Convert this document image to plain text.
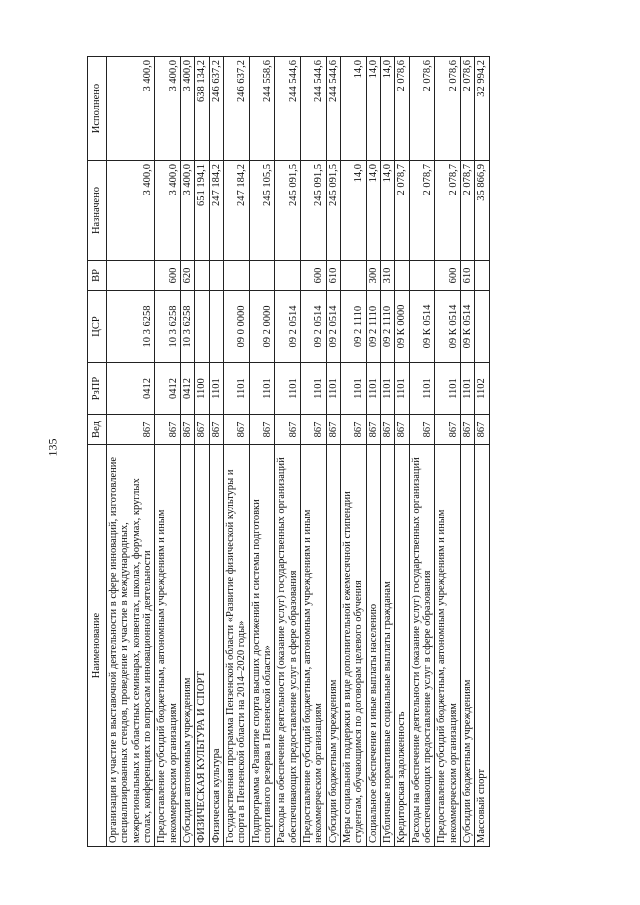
135
Наименование	Вед	РзПР	ЦСР	ВР	Назначено	Исполнено
Организация и участие в выставочной деятельности в сфере инноваций, изготовление специализированных стендов, проведение и участие в международных, межрегиональных и областных семинарах, конвентах, школах, форумах, круглых столах, конференциях по вопросам инновационной деятельности	867	0412	10 3 6258		3 400,0	3 400,0
Предоставление субсидий бюджетным, автономным учреждениям и иным некоммерческим организациям	867	0412	10 3 6258	600	3 400,0	3 400,0
Субсидии автономным учреждениям	867	0412	10 3 6258	620	3 400,0	3 400,0
ФИЗИЧЕСКАЯ КУЛЬТУРА И СПОРТ	867	1100			651 194,1	638 134,2
Физическая культура	867	1101			247 184,2	246 637,2
Государственная программа Пензенской области «Развитие физической культуры и спорта в Пензенской области на 2014–2020 годы»	867	1101	09 0 0000		247 184,2	246 637,2
Подпрограмма «Развитие спорта высших достижений и системы подготовки спортивного резерва в Пензенской области»	867	1101	09 2 0000		245 105,5	244 558,6
Расходы на обеспечение деятельности (оказание услуг) государственных организаций обеспечивающих предоставление услуг в сфере образования	867	1101	09 2 0514		245 091,5	244 544,6
Предоставление субсидий бюджетным, автономным учреждениям и иным некоммерческим организациям	867	1101	09 2 0514	600	245 091,5	244 544,6
Субсидии бюджетным учреждениям	867	1101	09 2 0514	610	245 091,5	244 544,6
Меры социальной поддержки в виде дополнительной ежемесячной стипендии студентам, обучающимся по договорам целевого обучения	867	1101	09 2 1110		14,0	14,0
Социальное обеспечение и иные выплаты населению	867	1101	09 2 1110	300	14,0	14,0
Публичные нормативные социальные выплаты гражданам	867	1101	09 2 1110	310	14,0	14,0
Кредиторская задолженность	867	1101	09 К 0000		2 078,7	2 078,6
Расходы на обеспечение деятельности (оказание услуг) государственных организаций обеспечивающих предоставление услуг в сфере образования	867	1101	09 К 0514		2 078,7	2 078,6
Предоставление субсидий бюджетным, автономным учреждениям и иным некоммерческим организациям	867	1101	09 К 0514	600	2 078,7	2 078,6
Субсидии бюджетным учреждениям	867	1101	09 К 0514	610	2 078,7	2 078,6
Массовый спорт	867	1102			35 866,9	32 994,2
